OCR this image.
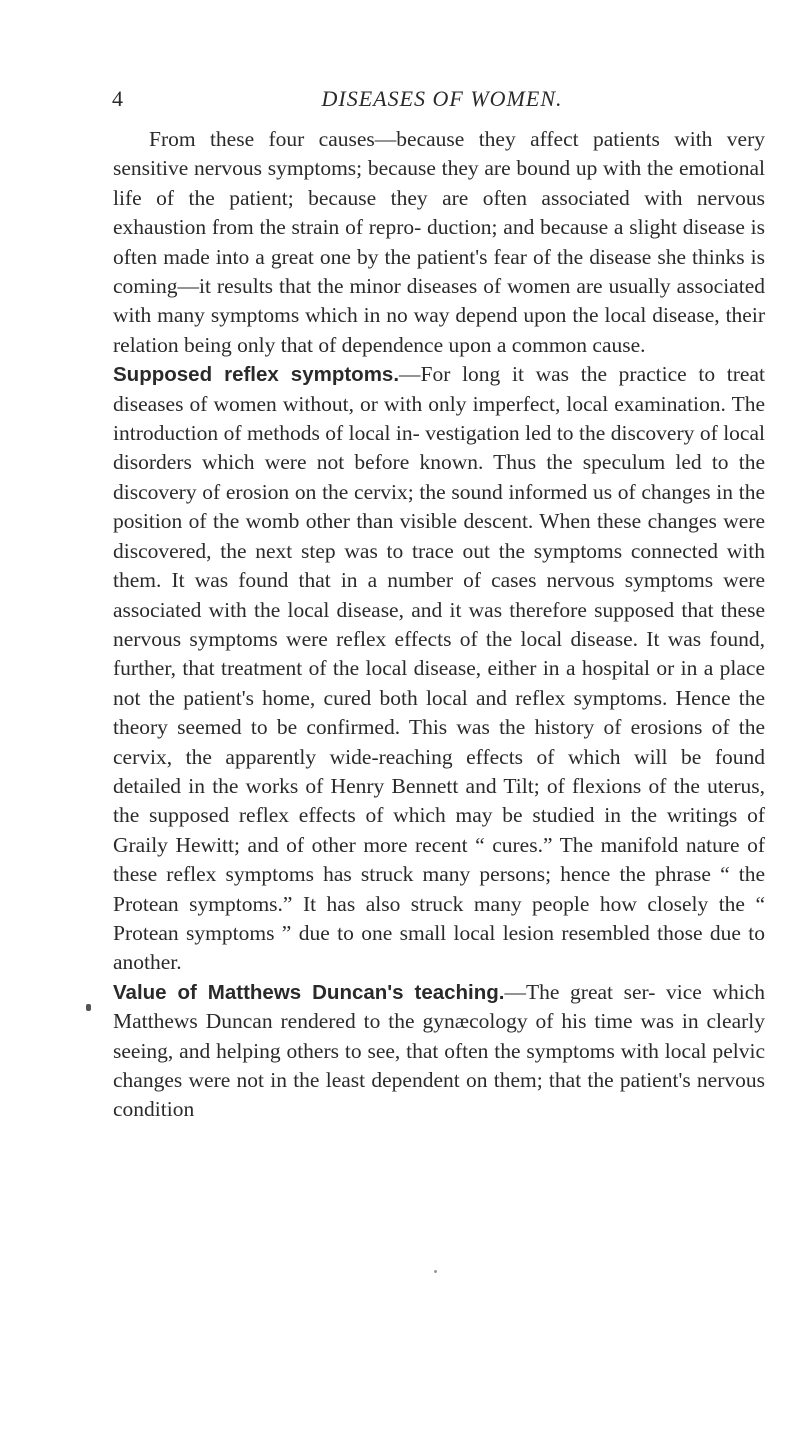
4	DISEASES OF WOMEN.

From these four causes—because they affect patients with very sensitive nervous symptoms; because they are bound up with the emotional life of the patient; because they are often associated with nervous exhaustion from the strain of repro- duction; and because a slight disease is often made into a great one by the patient's fear of the disease she thinks is coming—it results that the minor diseases of women are usually associated with many symptoms which in no way depend upon the local disease, their relation being only that of dependence upon a common cause.

Supposed reflex symptoms.—For long it was the practice to treat diseases of women without, or with only imperfect, local examination. The introduction of methods of local in- vestigation led to the discovery of local disorders which were not before known. Thus the speculum led to the discovery of erosion on the cervix; the sound informed us of changes in the position of the womb other than visible descent. When these changes were discovered, the next step was to trace out the symptoms connected with them. It was found that in a number of cases nervous symptoms were associated with the local disease, and it was therefore supposed that these nervous symptoms were reflex effects of the local disease. It was found, further, that treatment of the local disease, either in a hospital or in a place not the patient's home, cured both local and reflex symptoms. Hence the theory seemed to be confirmed. This was the history of erosions of the cervix, the apparently wide-reaching effects of which will be found detailed in the works of Henry Bennett and Tilt; of flexions of the uterus, the supposed reflex effects of which may be studied in the writings of Graily Hewitt; and of other more recent “ cures.” The manifold nature of these reflex symptoms has struck many persons; hence the phrase “ the Protean symptoms.” It has also struck many people how closely the “ Protean symptoms ” due to one small local lesion resembled those due to another.

Value of Matthews Duncan's teaching.—The great ser- vice which Matthews Duncan rendered to the gynæcology of his time was in clearly seeing, and helping others to see, that often the symptoms with local pelvic changes were not in the least dependent on them; that the patient's nervous condition
